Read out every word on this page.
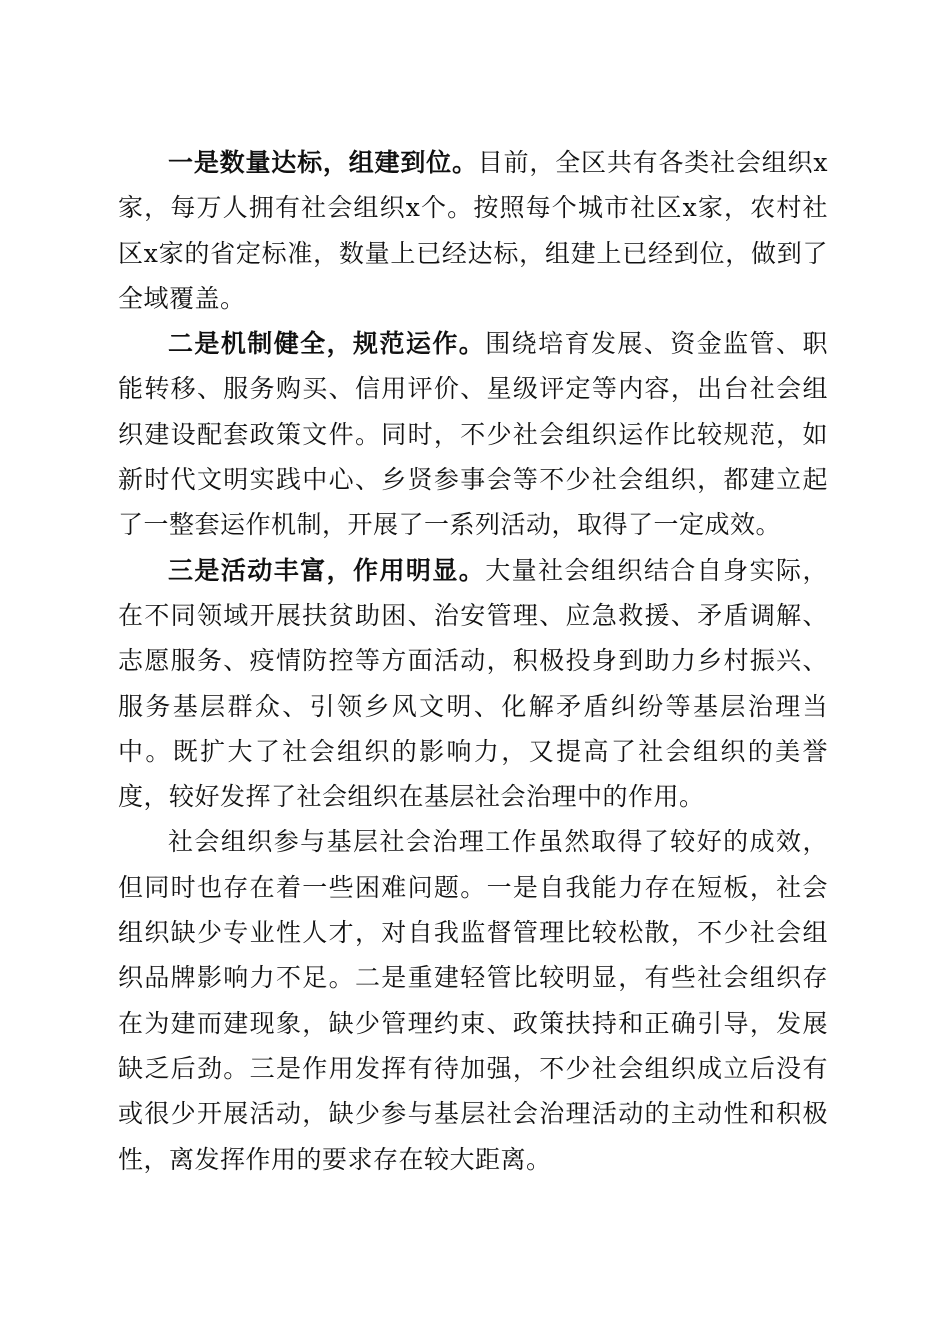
一是数量达标，组建到位。目前，全区共有各类社会组织x家，每万人拥有社会组织x个。按照每个城市社区x家，农村社区x家的省定标准，数量上已经达标，组建上已经到位，做到了全域覆盖。

二是机制健全，规范运作。围绕培育发展、资金监管、职能转移、服务购买、信用评价、星级评定等内容，出台社会组织建设配套政策文件。同时，不少社会组织运作比较规范，如新时代文明实践中心、乡贤参事会等不少社会组织，都建立起了一整套运作机制，开展了一系列活动，取得了一定成效。

三是活动丰富，作用明显。大量社会组织结合自身实际，在不同领域开展扶贫助困、治安管理、应急救援、矛盾调解、志愿服务、疫情防控等方面活动，积极投身到助力乡村振兴、服务基层群众、引领乡风文明、化解矛盾纠纷等基层治理当中。既扩大了社会组织的影响力，又提高了社会组织的美誉度，较好发挥了社会组织在基层社会治理中的作用。

社会组织参与基层社会治理工作虽然取得了较好的成效，但同时也存在着一些困难问题。一是自我能力存在短板，社会组织缺少专业性人才，对自我监督管理比较松散，不少社会组织品牌影响力不足。二是重建轻管比较明显，有些社会组织存在为建而建现象，缺少管理约束、政策扶持和正确引导，发展缺乏后劲。三是作用发挥有待加强，不少社会组织成立后没有或很少开展活动，缺少参与基层社会治理活动的主动性和积极性，离发挥作用的要求存在较大距离。
